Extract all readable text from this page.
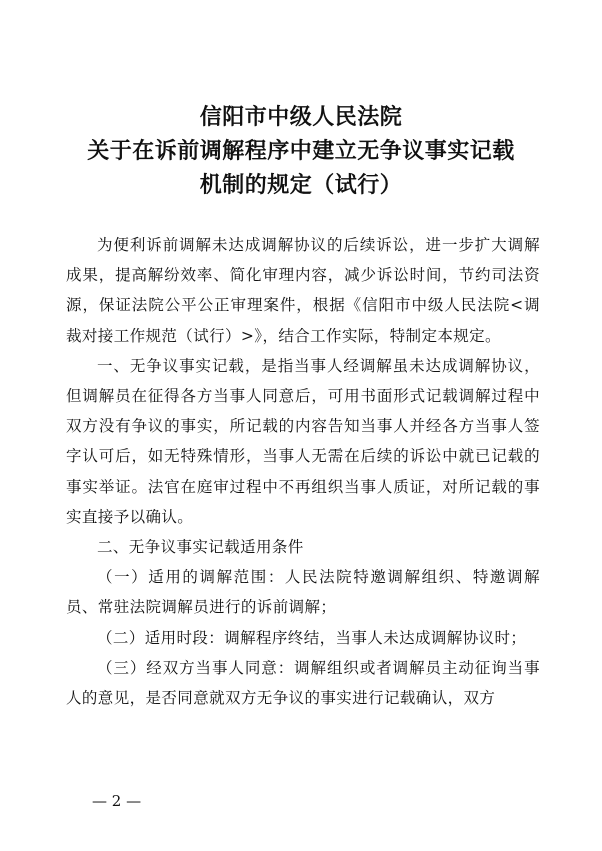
信阳市中级人民法院
关于在诉前调解程序中建立无争议事实记载
机制的规定（试行）

为便利诉前调解未达成调解协议的后续诉讼，进一步扩大调解成果，提高解纷效率、简化审理内容，减少诉讼时间，节约司法资源，保证法院公平公正审理案件，根据《信阳市中级人民法院<调裁对接工作规范（试行）>》，结合工作实际，特制定本规定。

一、无争议事实记载，是指当事人经调解虽未达成调解协议，但调解员在征得各方当事人同意后，可用书面形式记载调解过程中双方没有争议的事实，所记载的内容告知当事人并经各方当事人签字认可后，如无特殊情形，当事人无需在后续的诉讼中就已记载的事实举证。法官在庭审过程中不再组织当事人质证，对所记载的事实直接予以确认。

二、无争议事实记载适用条件

（一）适用的调解范围：人民法院特邀调解组织、特邀调解员、常驻法院调解员进行的诉前调解；

（二）适用时段：调解程序终结，当事人未达成调解协议时；

（三）经双方当事人同意：调解组织或者调解员主动征询当事人的意见，是否同意就双方无争议的事实进行记载确认，双方

— 2 —
